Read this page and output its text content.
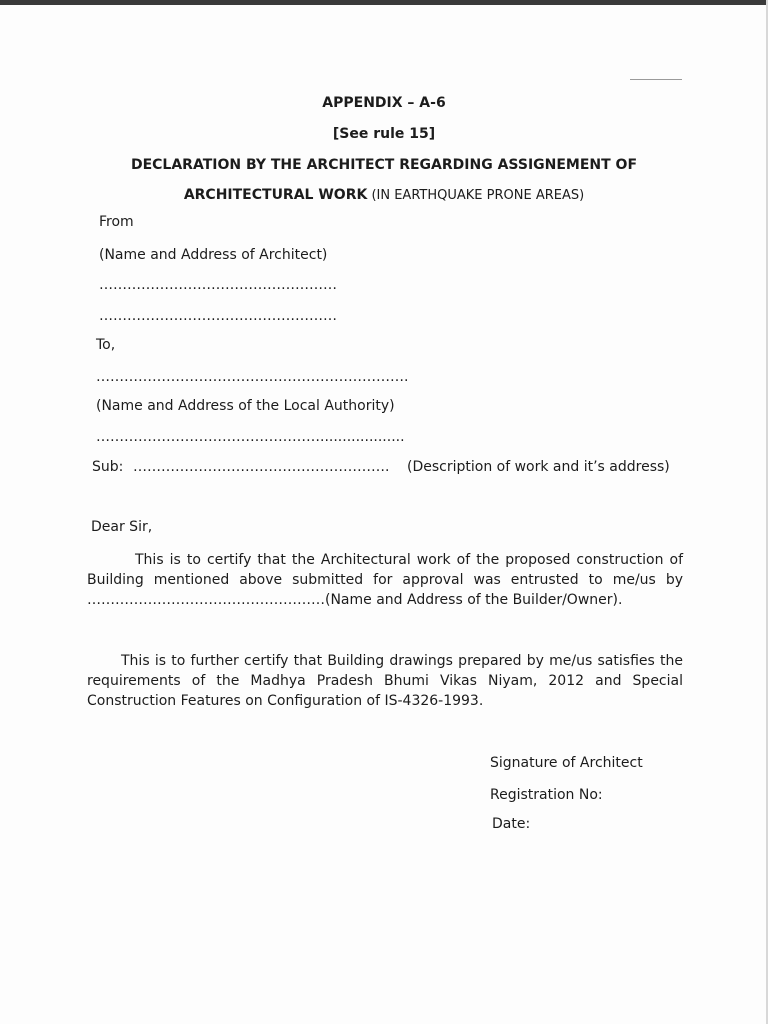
APPENDIX – A-6
[See rule 15]
DECLARATION BY THE ARCHITECT REGARDING ASSIGNEMENT OF
ARCHITECTURAL WORK (IN EARTHQUAKE PRONE AREAS)
From
(Name and Address of Architect)
……………………………………………
……………………………………………
To,
………………………………………………………….
(Name and Address of the Local Authority)
…………………………………………...................
Sub: ………………………………………………. (Description of work and it’s address)
Dear Sir,
This is to certify that the Architectural work of the proposed construction of
Building mentioned above submitted for approval was entrusted to me/us by
……………………………………………(Name and Address of the Builder/Owner).
This is to further certify that Building drawings prepared by me/us satisfies the
requirements of the Madhya Pradesh Bhumi Vikas Niyam, 2012 and Special
Construction Features on Configuration of IS-4326-1993.
Signature of Architect
Registration No:
Date:
